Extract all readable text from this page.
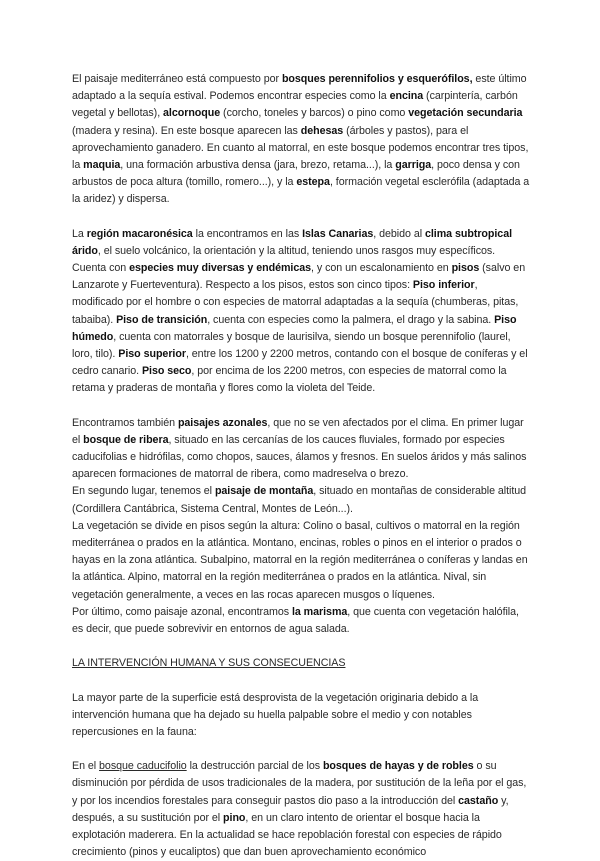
El paisaje mediterráneo está compuesto por bosques perennifolios y esquerófilos, este último adaptado a la sequía estival. Podemos encontrar especies como la encina (carpintería, carbón vegetal y bellotas), alcornoque (corcho, toneles y barcos) o pino como vegetación secundaria (madera y resina). En este bosque aparecen las dehesas (árboles y pastos), para el aprovechamiento ganadero. En cuanto al matorral, en este bosque podemos encontrar tres tipos, la maquia, una formación arbustiva densa (jara, brezo, retama...), la garriga, poco densa y con arbustos de poca altura (tomillo, romero...), y la estepa, formación vegetal esclerófila (adaptada a la aridez) y dispersa.

La región macaronésica la encontramos en las Islas Canarias, debido al clima subtropical árido, el suelo volcánico, la orientación y la altitud, teniendo unos rasgos muy específicos. Cuenta con especies muy diversas y endémicas, y con un escalonamiento en pisos (salvo en Lanzarote y Fuerteventura). Respecto a los pisos, estos son cinco tipos: Piso inferior, modificado por el hombre o con especies de matorral adaptadas a la sequía (chumberas, pitas, tabaiba). Piso de transición, cuenta con especies como la palmera, el drago y la sabina. Piso húmedo, cuenta con matorrales y bosque de laurisilva, siendo un bosque perennifolio (laurel, loro, tilo). Piso superior, entre los 1200 y 2200 metros, contando con el bosque de coníferas y el cedro canario. Piso seco, por encima de los 2200 metros, con especies de matorral como la retama y praderas de montaña y flores como la violeta del Teide.

Encontramos también paisajes azonales, que no se ven afectados por el clima. En primer lugar el bosque de ribera, situado en las cercanías de los cauces fluviales, formado por especies caducifolias e hidrófilas, como chopos, sauces, álamos y fresnos. En suelos áridos y más salinos aparecen formaciones de matorral de ribera, como madreselva o brezo.

En segundo lugar, tenemos el paisaje de montaña, situado en montañas de considerable altitud (Cordillera Cantábrica, Sistema Central, Montes de León...).

La vegetación se divide en pisos según la altura: Colino o basal, cultivos o matorral en la región mediterránea o prados en la atlántica. Montano, encinas, robles o pinos en el interior o prados o hayas en la zona atlántica. Subalpino, matorral en la región mediterránea o coníferas y landas en la atlántica. Alpino, matorral en la región mediterránea o prados en la atlántica. Nival, sin vegetación generalmente, a veces en las rocas aparecen musgos o líquenes.

Por último, como paisaje azonal, encontramos la marisma, que cuenta con vegetación halófila, es decir, que puede sobrevivir en entornos de agua salada.

LA INTERVENCIÓN HUMANA Y SUS CONSECUENCIAS

La mayor parte de la superficie está desprovista de la vegetación originaria debido a la intervención humana que ha dejado su huella palpable sobre el medio y con notables repercusiones en la fauna:

En el bosque caducifolio la destrucción parcial de los bosques de hayas y de robles o su disminución por pérdida de usos tradicionales de la madera, por sustitución de la leña por el gas, y por los incendios forestales para conseguir pastos dio paso a la introducción del castaño y, después, a su sustitución por el pino, en un claro intento de orientar el bosque hacia la explotación maderera. En la actualidad se hace repoblación forestal con especies de rápido crecimiento (pinos y eucaliptos) que dan buen aprovechamiento económico
